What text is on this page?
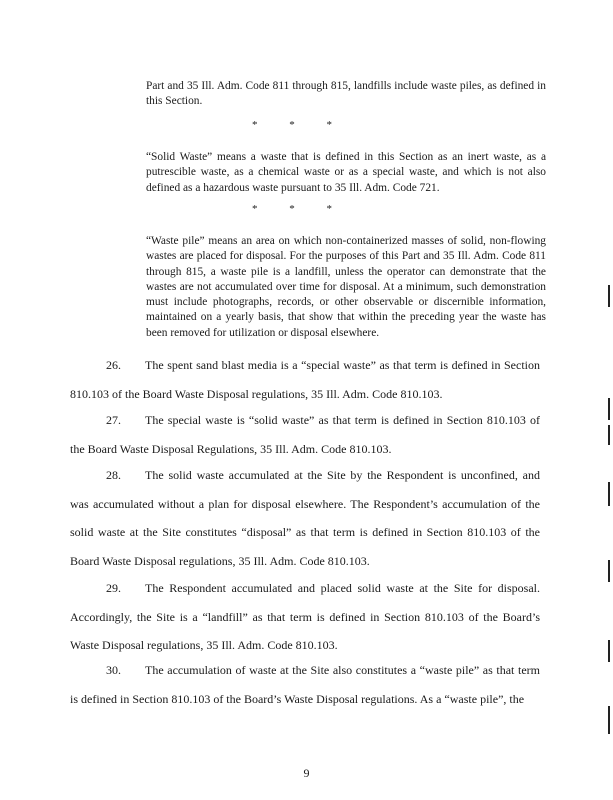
Part and 35 Ill. Adm. Code 811 through 815, landfills include waste piles, as defined in this Section.
*	*	*
“Solid Waste” means a waste that is defined in this Section as an inert waste, as a putrescible waste, as a chemical waste or as a special waste, and which is not also defined as a hazardous waste pursuant to 35 Ill. Adm. Code 721.
*	*	*
“Waste pile” means an area on which non-containerized masses of solid, non-flowing wastes are placed for disposal. For the purposes of this Part and 35 Ill. Adm. Code 811 through 815, a waste pile is a landfill, unless the operator can demonstrate that the wastes are not accumulated over time for disposal. At a minimum, such demonstration must include photographs, records, or other observable or discernible information, maintained on a yearly basis, that show that within the preceding year the waste has been removed for utilization or disposal elsewhere.
26. The spent sand blast media is a “special waste” as that term is defined in Section 810.103 of the Board Waste Disposal regulations, 35 Ill. Adm. Code 810.103.
27. The special waste is “solid waste” as that term is defined in Section 810.103 of the Board Waste Disposal Regulations, 35 Ill. Adm. Code 810.103.
28. The solid waste accumulated at the Site by the Respondent is unconfined, and was accumulated without a plan for disposal elsewhere. The Respondent’s accumulation of the solid waste at the Site constitutes “disposal” as that term is defined in Section 810.103 of the Board Waste Disposal regulations, 35 Ill. Adm. Code 810.103.
29. The Respondent accumulated and placed solid waste at the Site for disposal. Accordingly, the Site is a “landfill” as that term is defined in Section 810.103 of the Board’s Waste Disposal regulations, 35 Ill. Adm. Code 810.103.
30. The accumulation of waste at the Site also constitutes a “waste pile” as that term is defined in Section 810.103 of the Board’s Waste Disposal regulations. As a “waste pile”, the
9
